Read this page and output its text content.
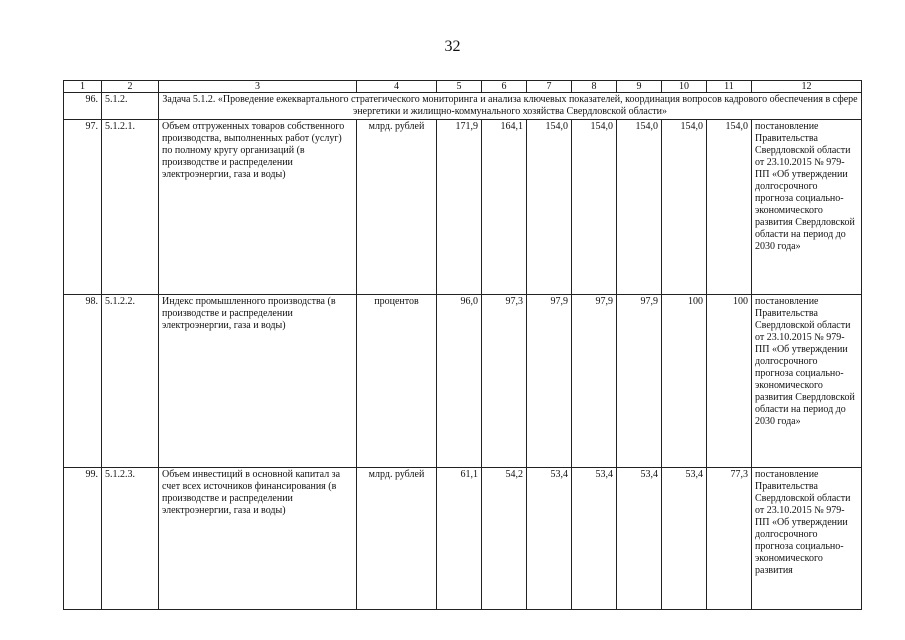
32
1	2	3	4	5	6	7	8	9	10	11	12
96.	5.1.2.	Задача 5.1.2. «Проведение ежеквартального стратегического мониторинга и анализа ключевых показателей, координация вопросов кадрового обеспечения в сфере энергетики и жилищно-коммунального хозяйства Свердловской области»									
97.	5.1.2.1.	Объем отгруженных товаров собственного производства, выполненных работ (услуг) по полному кругу организаций (в производстве и распределении электроэнергии, газа и воды)	млрд. рублей	171,9	164,1	154,0	154,0	154,0	154,0	154,0	постановление Правительства Свердловской области от 23.10.2015 № 979-ПП «Об утверждении долгосрочного прогноза социально-экономического развития Свердловской области на период до 2030 года»
98.	5.1.2.2.	Индекс промышленного производства (в производстве и распределении электроэнергии, газа и воды)	процентов	96,0	97,3	97,9	97,9	97,9	100	100	постановление Правительства Свердловской области от 23.10.2015 № 979-ПП «Об утверждении долгосрочного прогноза социально-экономического развития Свердловской области на период до 2030 года»
99.	5.1.2.3.	Объем инвестиций в основной капитал за счет всех источников финансирования (в производстве и распределении электроэнергии, газа и воды)	млрд. рублей	61,1	54,2	53,4	53,4	53,4	53,4	77,3	постановление Правительства Свердловской области от 23.10.2015 № 979-ПП «Об утверждении долгосрочного прогноза социально-экономического развития
